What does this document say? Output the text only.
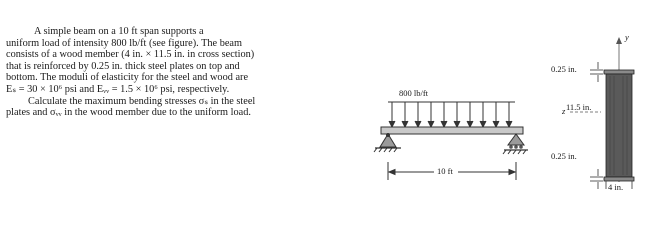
A simple beam on a 10 ft span supports a
uniform load of intensity 800 lb/ft (see figure). The beam
consists of a wood member (4 in. × 11.5 in. in cross section)
that is reinforced by 0.25 in. thick steel plates on top and
bottom. The moduli of elasticity for the steel and wood are
Eₛ = 30 × 10⁶ psi and Eᵥᵥ = 1.5 × 10⁶ psi, respectively.
Calculate the maximum bending stresses σₛ in the steel
plates and σᵥᵥ in the wood member due to the uniform load.
800 lb/ft
10 ft
0.25 in.
11.5 in.
0.25 in.
4 in.
y
z
